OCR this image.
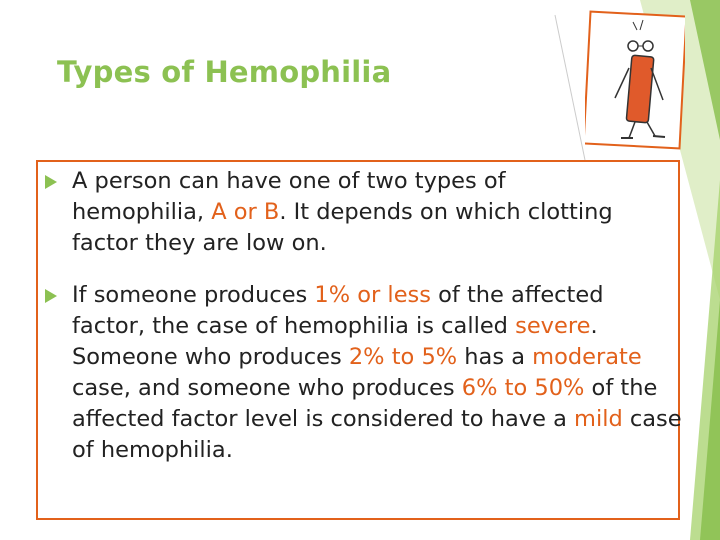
Types of Hemophilia
A person can have one of two types of hemophilia, A or B. It depends on which clotting factor they are low on.
If someone produces 1% or less of the affected factor, the case of hemophilia is called severe. Someone who produces 2% to 5% has a moderate case, and someone who produces 6% to 50% of the affected factor level is considered to have a mild case of hemophilia.
